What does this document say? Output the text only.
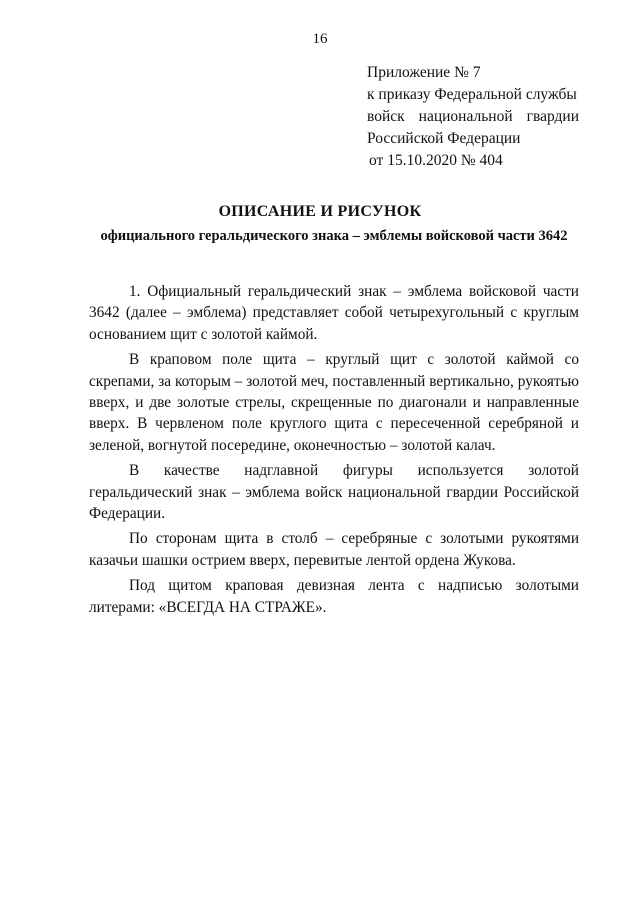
16
Приложение № 7
к приказу Федеральной службы
войск национальной гвардии
Российской Федерации
от 15.10.2020 № 404
ОПИСАНИЕ И РИСУНОК
официального геральдического знака – эмблемы войсковой части 3642

1. Официальный геральдический знак – эмблема войсковой части 3642 (далее – эмблема) представляет собой четырехугольный с круглым основанием щит с золотой каймой.

В краповом поле щита – круглый щит с золотой каймой со скрепами, за которым – золотой меч, поставленный вертикально, рукоятью вверх, и две золотые стрелы, скрещенные по диагонали и направленные вверх. В червленом поле круглого щита с пересеченной серебряной и зеленой, вогнутой посередине, оконечностью – золотой калач.

В качестве надглавной фигуры используется золотой геральдический знак – эмблема войск национальной гвардии Российской Федерации.

По сторонам щита в столб – серебряные с золотыми рукоятями казачьи шашки острием вверх, перевитые лентой ордена Жукова.

Под щитом краповая девизная лента с надписью золотыми литерами: «ВСЕГДА НА СТРАЖЕ».
